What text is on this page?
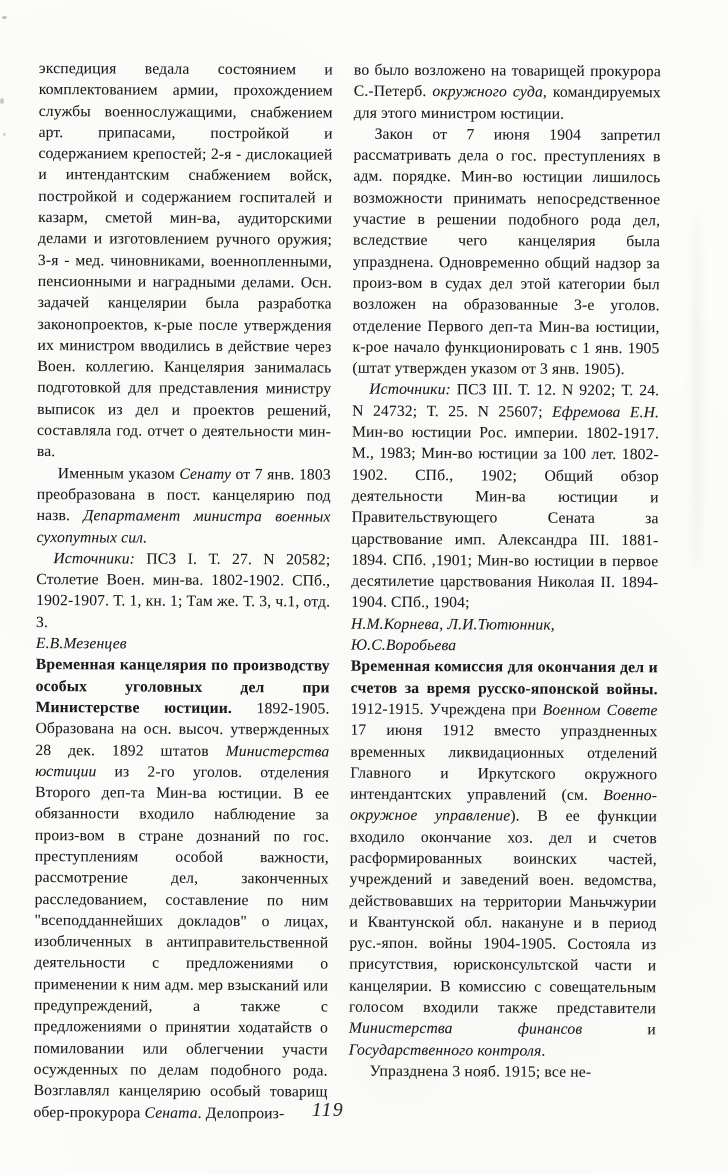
экспедиция ведала состоянием и комплектованием армии, прохождением службы военнослужащими, снабжением арт. припасами, постройкой и содержанием крепостей; 2-я - дислокацией и интендантским снабжением войск, постройкой и содержанием госпиталей и казарм, сметой мин-ва, аудиторскими делами и изготовлением ручного оружия; 3-я - мед. чиновниками, военнопленными, пенсионными и наградными делами. Осн. задачей канцелярии была разработка законопроектов, к-рые после утверждения их министром вводились в действие через Воен. коллегию. Канцелярия занималась подготовкой для представления министру выписок из дел и проектов решений, составляла год. отчет о деятельности мин-ва.

Именным указом Сенату от 7 янв. 1803 преобразована в пост. канцелярию под назв. Департамент министра военных сухопутных сил.

Источники: ПСЗ I. Т. 27. N 20582; Столетие Воен. мин-ва. 1802-1902. СПб., 1902-1907. Т. 1, кн. 1; Там же. Т. 3, ч.1, отд. 3.

Е.В.Мезенцев

Временная канцелярия по производству особых уголовных дел при Министерстве юстиции. 1892-1905. Образована на осн. высоч. утвержденных 28 дек. 1892 штатов Министерства юстиции из 2-го уголов. отделения Второго деп-та Мин-ва юстиции. В ее обязанности входило наблюдение за произ-вом в стране дознаний по гос. преступлениям особой важности, рассмотрение дел, законченных расследованием, составление по ним "всеподданнейших докладов" о лицах, изобличенных в антиправительственной деятельности с предложениями о применении к ним адм. мер взысканий или предупреждений, а также с предложениями о принятии ходатайств о помиловании или облегчении участи осужденных по делам подобного рода. Возглавлял канцелярию особый товарищ обер-прокурора Сената. Делопроиз-

во было возложено на товарищей прокурора С.-Петерб. окружного суда, командируемых для этого министром юстиции.

Закон от 7 июня 1904 запретил рассматривать дела о гос. преступлениях в адм. порядке. Мин-во юстиции лишилось возможности принимать непосредственное участие в решении подобного рода дел, вследствие чего канцелярия была упразднена. Одновременно общий надзор за произ-вом в судах дел этой категории был возложен на образованные 3-е уголов. отделение Первого деп-та Мин-ва юстиции, к-рое начало функционировать с 1 янв. 1905 (штат утвержден указом от 3 янв. 1905).

Источники: ПСЗ III. Т. 12. N 9202; Т. 24. N 24732; Т. 25. N 25607; Ефремова Е.Н. Мин-во юстиции Рос. империи. 1802-1917. М., 1983; Мин-во юстиции за 100 лет. 1802-1902. СПб., 1902; Общий обзор деятельности Мин-ва юстиции и Правительствующего Сената за царствование имп. Александра III. 1881-1894. СПб. ,1901; Мин-во юстиции в первое десятилетие царствования Николая II. 1894-1904. СПб., 1904;

Н.М.Корнева, Л.И.Тютюнник,

Ю.С.Воробьева

Временная комиссия для окончания дел и счетов за время русско-японской войны. 1912-1915. Учреждена при Военном Совете 17 июня 1912 вместо упраздненных временных ликвидационных отделений Главного и Иркутского окружного интендантских управлений (см. Военно-окружное управление). В ее функции входило окончание хоз. дел и счетов расформированных воинских частей, учреждений и заведений воен. ведомства, действовавших на территории Маньчжурии и Квантунской обл. накануне и в период рус.-япон. войны 1904-1905. Состояла из присутствия, юрисконсультской части и канцелярии. В комиссию с совещательным голосом входили также представители Министерства финансов и Государственного контроля.

Упразднена 3 нояб. 1915; все не-

119
